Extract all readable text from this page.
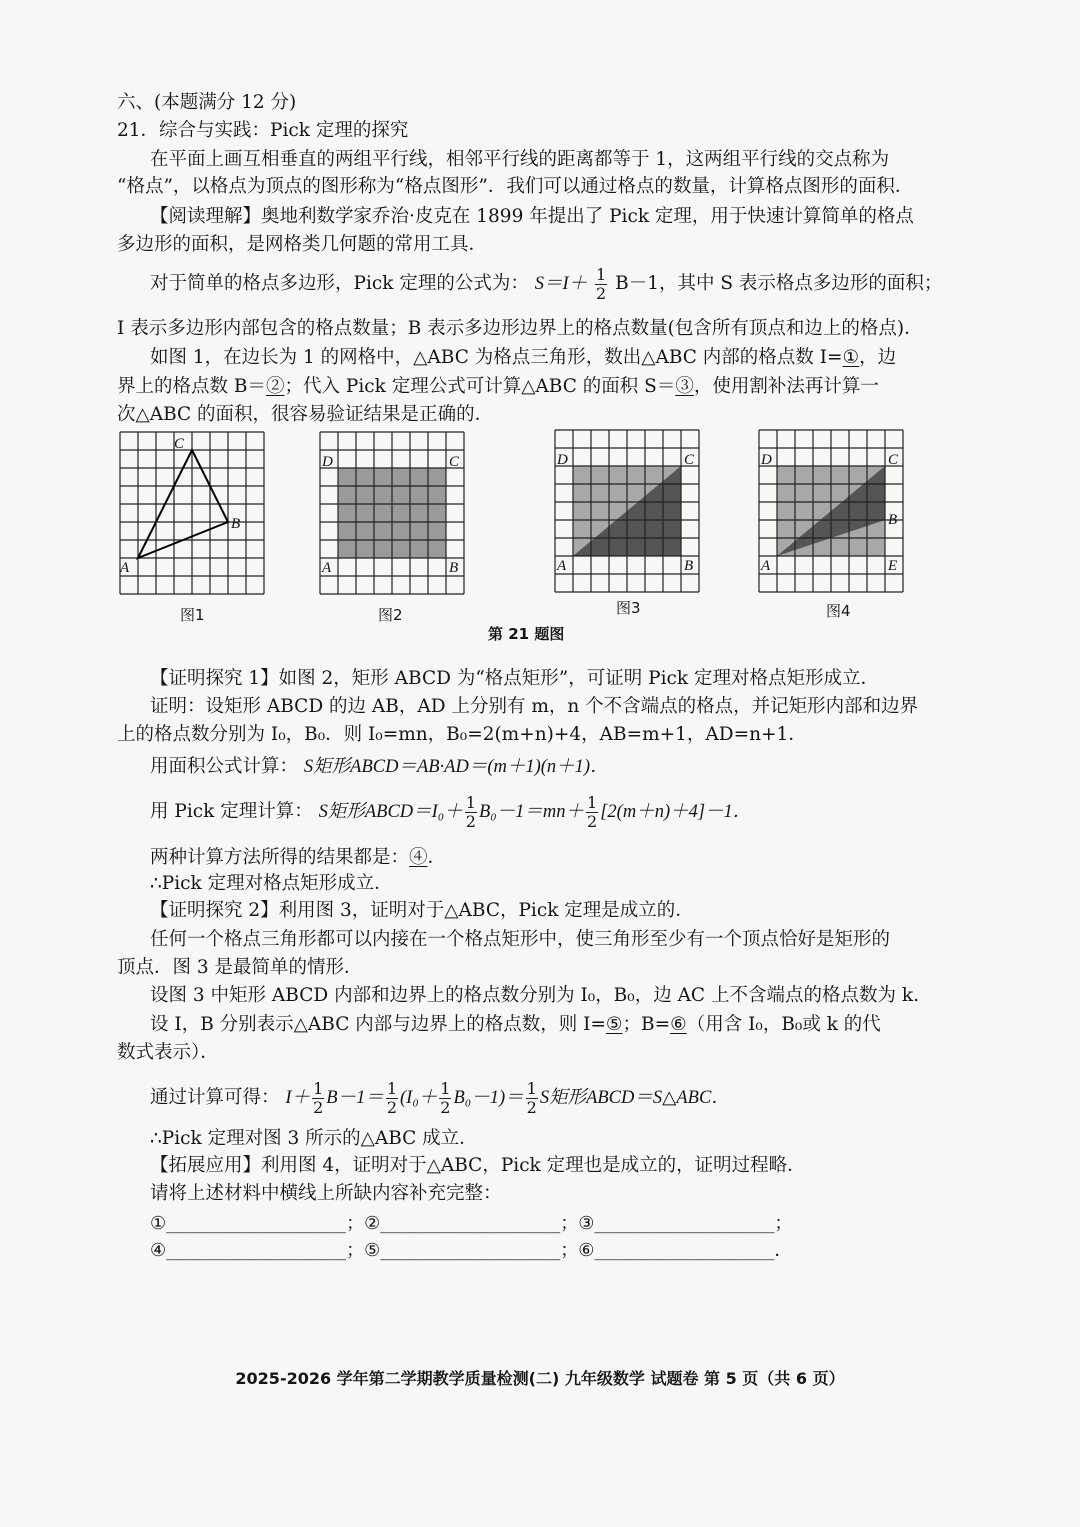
六、(本题满分 12 分)
21．综合与实践：Pick 定理的探究
在平面上画互相垂直的两组平行线，相邻平行线的距离都等于 1，这两组平行线的交点称为
“格点”，以格点为顶点的图形称为“格点图形”．我们可以通过格点的数量，计算格点图形的面积．
【阅读理解】奥地利数学家乔治·皮克在 1899 年提出了 Pick 定理，用于快速计算简单的格点
多边形的面积，是网格类几何题的常用工具．
对于简单的格点多边形，Pick 定理的公式为： $S=I+ \frac{1}{2} B-1$，其中 S 表示格点多边形的面积；
I 表示多边形内部包含的格点数量；B 表示多边形边界上的格点数量(包含所有顶点和边上的格点)．
如图 1，在边长为 1 的网格中，△ABC 为格点三角形，数出△ABC 内部的格点数 I=①，边
界上的格点数 B＝②；代入 Pick 定理公式可计算△ABC 的面积 S＝③，使用割补法再计算一
次△ABC 的面积，很容易验证结果是正确的．
C
B
A
D	C
A	B
D	C
A	B
D	C
B
A	E
图1	图2	图3	图4
第 21 题图
【证明探究 1】如图 2，矩形 ABCD 为“格点矩形”，可证明 Pick 定理对格点矩形成立．
证明：设矩形 ABCD 的边 AB，AD 上分别有 m，n 个不含端点的格点，并记矩形内部和边界
上的格点数分别为 I₀，B₀．则 I₀=mn，B₀=2(m+n)+4，AB=m+1，AD=n+1．
用面积公式计算： S矩形ABCD＝AB·AD＝(m＋1)(n＋1)．
用 Pick 定理计算： S矩形ABCD＝I₀＋ $\frac{1}{2} B_0-1=mn+ \frac{1}{2} [2(m+n)+4]-1$．
两种计算方法所得的结果都是：④．
∴Pick 定理对格点矩形成立．
【证明探究 2】利用图 3，证明对于△ABC，Pick 定理是成立的．
任何一个格点三角形都可以内接在一个格点矩形中，使三角形至少有一个顶点恰好是矩形的
顶点．图 3 是最简单的情形．
设图 3 中矩形 ABCD 内部和边界上的格点数分别为 I₀，B₀，边 AC 上不含端点的格点数为 k.
设 I，B 分别表示△ABC 内部与边界上的格点数，则 I=⑤；B=⑥（用含 I₀，B₀或 k 的代
数式表示）．
通过计算可得： $I+ \frac{1}{2} B-1= \frac{1}{2} (I_0+ \frac{1}{2} B_0-1)= \frac{1}{2}$ S矩形ABCD＝S△ABC．
∴Pick 定理对图 3 所示的△ABC 成立．
【拓展应用】利用图 4，证明对于△ABC，Pick 定理也是成立的，证明过程略．
请将上述材料中横线上所缺内容补充完整：
①____________________；②____________________；③____________________；
④____________________；⑤____________________；⑥____________________．
2025-2026 学年第二学期教学质量检测(二) 九年级数学 试题卷 第 5 页（共 6 页）
